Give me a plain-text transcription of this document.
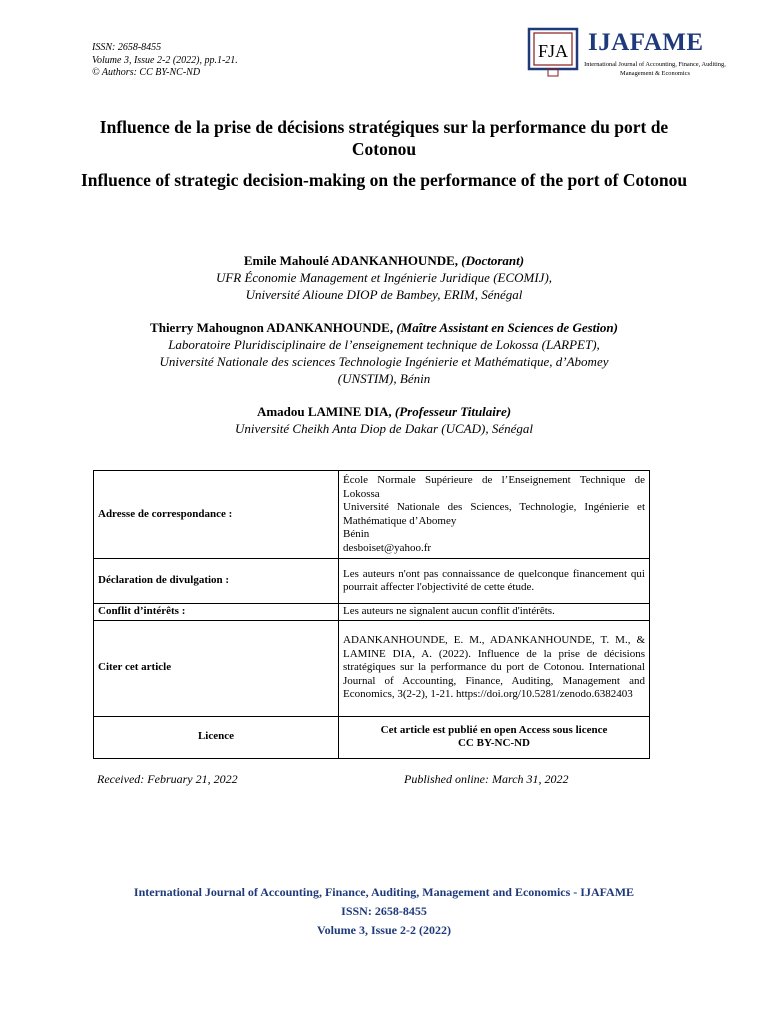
ISSN: 2658-8455
Volume 3, Issue 2-2 (2022), pp.1-21.
© Authors: CC BY-NC-ND
FJA IJAFAME
International Journal of Accounting, Finance, Auditing, Management & Economics
Influence de la prise de décisions stratégiques sur la performance du port de Cotonou
Influence of strategic decision-making on the performance of the port of Cotonou
Emile Mahoulé ADANKANHOUNDE, (Doctorant)
UFR Économie Management et Ingénierie Juridique (ECOMIJ),
Université Alioune DIOP de Bambey, ERIM, Sénégal
Thierry Mahougnon ADANKANHOUNDE, (Maître Assistant en Sciences de Gestion)
Laboratoire Pluridisciplinaire de l’enseignement technique de Lokossa (LARPET),
Université Nationale des sciences Technologie Ingénierie et Mathématique, d’Abomey
(UNSTIM), Bénin
Amadou LAMINE DIA, (Professeur Titulaire)
Université Cheikh Anta Diop de Dakar (UCAD), Sénégal
Adresse de correspondance :	École Normale Supérieure de l’Enseignement Technique de Lokossa
Université Nationale des Sciences, Technologie, Ingénierie et Mathématique d’Abomey
Bénin
desboiset@yahoo.fr

Déclaration de divulgation :	Les auteurs n'ont pas connaissance de quelconque financement qui pourrait affecter l'objectivité de cette étude.
Conflit d’intérêts :	Les auteurs ne signalent aucun conflit d'intérêts.
Citer cet article	ADANKANHOUNDE, E. M., ADANKANHOUNDE, T. M., & LAMINE DIA, A. (2022). Influence de la prise de décisions stratégiques sur la performance du port de Cotonou. International Journal of Accounting, Finance, Auditing, Management and Economics, 3(2-2), 1-21. https://doi.org/10.5281/zenodo.6382403
Licence	Cet article est publié en open Access sous licence
CC BY-NC-ND
Received: February 21, 2022	Published online: March 31, 2022
International Journal of Accounting, Finance, Auditing, Management and Economics - IJAFAME
ISSN: 2658-8455
Volume 3, Issue 2-2 (2022)
